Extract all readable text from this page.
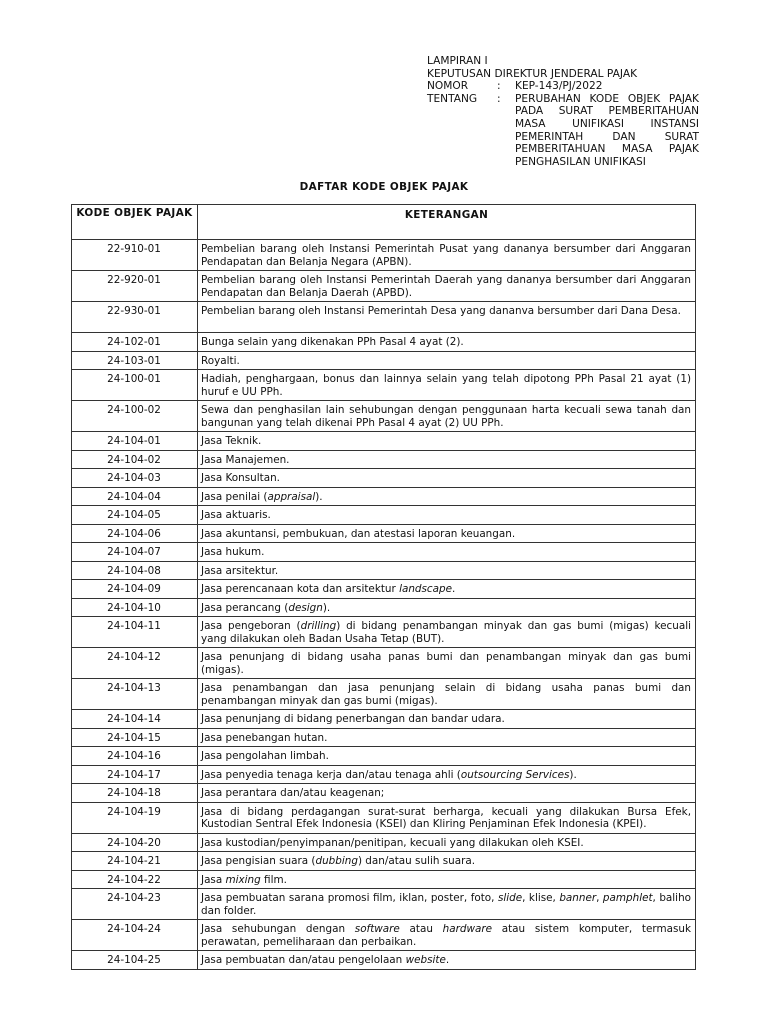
LAMPIRAN I
KEPUTUSAN DIREKTUR JENDERAL PAJAK
NOMOR	:	KEP-143/PJ/2022
TENTANG	:	PERUBAHAN KODE OBJEK PAJAK PADA SURAT PEMBERITAHUAN MASA UNIFIKASI INSTANSI PEMERINTAH DAN SURAT PEMBERITAHUAN MASA PAJAK PENGHASILAN UNIFIKASI
DAFTAR KODE OBJEK PAJAK
KODE OBJEK PAJAK	KETERANGAN
22-910-01	Pembelian barang oleh Instansi Pemerintah Pusat yang dananya bersumber dari Anggaran Pendapatan dan Belanja Negara (APBN).
22-920-01	Pembelian barang oleh Instansi Pemerintah Daerah yang dananya bersumber dari Anggaran Pendapatan dan Belanja Daerah (APBD).
22-930-01	Pembelian barang oleh Instansi Pemerintah Desa yang dananva bersumber dari Dana Desa.
24-102-01	Bunga selain yang dikenakan PPh Pasal 4 ayat (2).
24-103-01	Royalti.
24-100-01	Hadiah, penghargaan, bonus dan lainnya selain yang telah dipotong PPh Pasal 21 ayat (1) huruf e UU PPh.
24-100-02	Sewa dan penghasilan lain sehubungan dengan penggunaan harta kecuali sewa tanah dan bangunan yang telah dikenai PPh Pasal 4 ayat (2) UU PPh.
24-104-01	Jasa Teknik.
24-104-02	Jasa Manajemen.
24-104-03	Jasa Konsultan.
24-104-04	Jasa penilai (appraisal).
24-104-05	Jasa aktuaris.
24-104-06	Jasa akuntansi, pembukuan, dan atestasi laporan keuangan.
24-104-07	Jasa hukum.
24-104-08	Jasa arsitektur.
24-104-09	Jasa perencanaan kota dan arsitektur landscape.
24-104-10	Jasa perancang (design).
24-104-11	Jasa pengeboran (drilling) di bidang penambangan minyak dan gas bumi (migas) kecuali yang dilakukan oleh Badan Usaha Tetap (BUT).
24-104-12	Jasa penunjang di bidang usaha panas bumi dan penambangan minyak dan gas bumi (migas).
24-104-13	Jasa penambangan dan jasa penunjang selain di bidang usaha panas bumi dan penambangan minyak dan gas bumi (migas).
24-104-14	Jasa penunjang di bidang penerbangan dan bandar udara.
24-104-15	Jasa penebangan hutan.
24-104-16	Jasa pengolahan limbah.
24-104-17	Jasa penyedia tenaga kerja dan/atau tenaga ahli (outsourcing Services).
24-104-18	Jasa perantara dan/atau keagenan;
24-104-19	Jasa di bidang perdagangan surat-surat berharga, kecuali yang dilakukan Bursa Efek, Kustodian Sentral Efek Indonesia (KSEI) dan Kliring Penjaminan Efek Indonesia (KPEI).
24-104-20	Jasa kustodian/penyimpanan/penitipan, kecuali yang dilakukan oleh KSEI.
24-104-21	Jasa pengisian suara (dubbing) dan/atau sulih suara.
24-104-22	Jasa mixing film.
24-104-23	Jasa pembuatan sarana promosi film, iklan, poster, foto, slide, klise, banner, pamphlet, baliho dan folder.
24-104-24	Jasa sehubungan dengan software atau hardware atau sistem komputer, termasuk perawatan, pemeliharaan dan perbaikan.
24-104-25	Jasa pembuatan dan/atau pengelolaan website.
